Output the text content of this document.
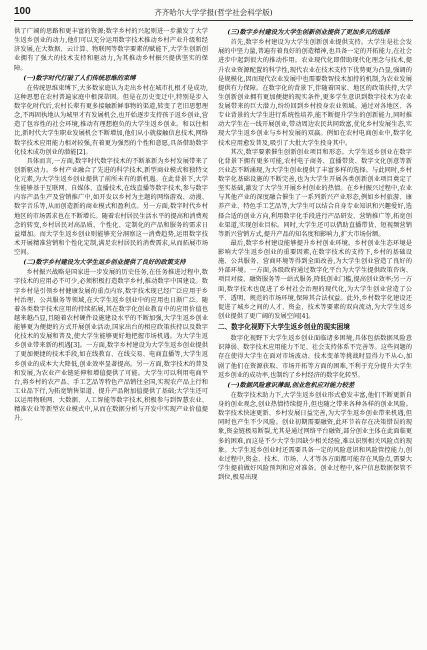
100	齐齐哈尔大学学报(哲学社会科学版)

供了广阔的思路和更丰富的资源;数字乡村的兴起则进一步激发了大学生返乡创业的动力,他们可以充分运用数字技术推动乡村产业升级和经济发展,在大数据、云计算、物联网等数字要素的赋能下,大学生创新创业拥有了强大的技术支持和驱动力,为其推动乡村振兴提供坚实的保障。

(一)数字时代打破了人们传统思维的束缚

在传统思维束缚下,大多数家庭认为走出乡村在城市扎根才是成功,这种思想在农村普遍家庭中根深蒂固。但是在历史变迁中,特别是步入数字化时代后,农村长辈有更多接触新鲜事物的渠道,转变了老旧思想理念,不再固执地认为城里才有发展机会,也开始逐步支持孩子返乡创业,营造了包容性的社会环境,推动有理想抱负的大学生返乡创业。和以往相比,新时代大学生职业发展机会不断增加,他们从小就接触信息技术,网络数字技术应用能力相对较强,有着更为强烈的个性和意愿,具备借助数字化技术成功创业的潜能[2]。

具体而言,一方面,数字时代数字技术的不断革新为乡村发展带来了创新驱动力。乡村产业融合了先进的科学技术,新型商业模式和独特文化元素,为大学生返乡创业提供了前所未有的新机遇。在此背景下,大学生能够基于互联网、自媒体、直播技术,在线直播等数字技术,参与数字内容产品生产及营销推广中,如开发以乡村为主题的网络游戏、动漫、数字音乐等,从而创造新的商业模式和盈利点。另一方面,数字时代乡村地区的市场需求也在不断增长。随着农村居民生活水平的提高和消费观念的转变,乡村居民对高品质、个性化、定制化的产品和服务的需求日益增加。而大学生返乡创业则能够充分洞察这一消费趋势,运用数字技术开展精准营销和个性化定制,满足农村居民的消费需求,从而拓展市场空间。

(二)数字乡村建设为大学生返乡创业提供了良好的政策支持

乡村振兴战略是国家进一步发展的历史任务,在任务推进过程中,数字技术的应用必不可少,必须积极打造数字乡村,推动数字中国建设。数字乡村是引领乡村健康发展的重点内容,数字技术现已经广泛应用于乡村治理、公共服务等领域,在大学生返乡创业中的应用也日渐广泛。随着各类数字技术应用的持续拓展,其在数字化创业教育中的应用价值也越来越凸显,且随着农村硬件设施建设水平的不断加强,大学生返乡创业能够更为便捷的方式开展创业活动,国家出台的相应政策扶持以及数字化技术的发展和普及,使大学生能够更好地把握市场机遇。为大学生返乡创业带来新的机遇[3]。一方面,数字乡村建设为大学生返乡创业提供了更加便捷的技术手段,如在线教育、在线交易、电商直播等,大学生返乡创业的成本大大降低,创业效率显著提高。另一方面,数字技术的普及和发展,为农业产业链延伸和增值提供了可能。大学生可以利用电商平台,将乡村的农产品、手工艺品等特色产品销往全国,实现农产品上行和工业品下行,为拓宽销售渠道、提升产品附加值提供了基础;大学生还可以运用物联网、大数据、人工智能等数字技术,积极参与到智慧农业、精准农业等新型农业模式中,从而在数据分析与开发中实现产业价值提升。

(三)数字乡村建设为大学生创新创业提供了更加多元的选择

首先,数字乡村建设为大学生创新创业提供支持。大学生是社会发展的中坚力量,普遍有着良好的创造精神,也具备一定的开拓能力,在社会进步中起到很大的推动作用。农业现代化即借助现代化理念与技术,提升农业资源配置的科学性,现代农业在技术支持下优势更为凸显,强调的是规模化,因而现代农业发展中也需要数智技术加持的机制,为农业发展提供有力保障。在数字化的背景下,伴随着国家、地区的政策扶持,大学生创新创业拥有更加便捷的现实条件,更多学生意识到数字技术为农业发展带来的巨大潜力,纷纷回到乡村投身农业领域。通过对各地区、各专业背景的大学生进行系统性培养,能不断提升学生的创新能力,同时推动大学生在一线开展创业,带动周边农民共同致富,优化乡村发展生态,实现大学生返乡创业与乡村发展的双赢。例如在农村电商创业中,数字化技术应用愈发普及,吸引了大批大学生投身其中。

其次,数字要素催生创新创业项目和形态。大学生返乡创业在数字化背景下拥有更多可能,农村电子商务、直播带货、数字文化创意等新兴业态不断涌现,为大学生创业提供了丰富多样的选择。与此同时,乡村数字化基础设施的不断完善,也为大学生开展各类创新创业项目奠定了坚实基础,激发了大学生开展乡村创业的热情。在乡村振兴过程中,农业与其他产业的深度融合催生了一系列新兴产业形态,例如乡村旅游、康养产业、特色手工艺品等,大学生可以结合自身专业知识和兴趣爱好,选择合适的创业方向,利用数字化手段进行产品研发、营销推广等,拓宽创业渠道,实现创业目标。同时,大学生还可以借助直播带货、短视频营销等新兴营销方式,提升产品的知名度和影响力,扩大市场份额。

最后,数字乡村建设能够提升乡村创业环境。乡村创业生态环境是影响大学生返乡创业的重要因素,在数字技术的支持下,乡村的基础设施、公共服务、营商环境等得到全面改善,为大学生创业营造了良好的外部环境。一方面,各级政府通过数字化平台为大学生提供政策咨询、项目对接、融资服务等一站式服务,降低创业门槛,提高创业效率;另一方面,数字技术也促进了乡村社会治理的现代化,为大学生创业营造了公平、透明、规范的市场环境,保障其合法权益。此外,乡村数字化建设还促进了城乡之间的人才、资金、技术等要素的双向流动,为大学生返乡创业提供了更广阔的发展空间[4]。

二、数字化视野下大学生返乡创业的现实困境

数字化视野下大学生返乡创业面临诸多困境,具体包括数据风险意识薄弱、数字技术应用能力不足、社会支持体系不完善等。这些问题的存在使得大学生在面对市场波动、技术变革等挑战时显得力不从心,加剧了他们在资源获取、市场开拓等方面的困难,不利于充分提升大学生返乡创业的成功率,也制约了乡村经济的数字化转型。

(一)数据风险意识薄弱,创业危机应对能力较差

在数字技术助力下,大学生返乡创业形式愈发丰富,他们不断更新自身的创业观念,创业热情持续提升,但也随之带来各种各样的创业风险。数字技术快速更新、乡村发展日益完善,为大学生返乡创业带来机遇,但同时也产生不少风险。创业初期需要融资,此环节若存在决策错误的现象,资金链极易断裂,尤其是通过网络平台融资,部分创业主体在此面临更多的困难,而这是不少大学生因缺少相关经验,难以识别相关风险点的现象。大学生返乡创业时还需要具备一定的风险意识和风险管控能力,创业过程中,资金、技术、市场、人才等各方面都可能存在风险点,需要大学生提前做好风险预判和应对准备。创业过程中,客户信息数据保管不到位,极易出现
